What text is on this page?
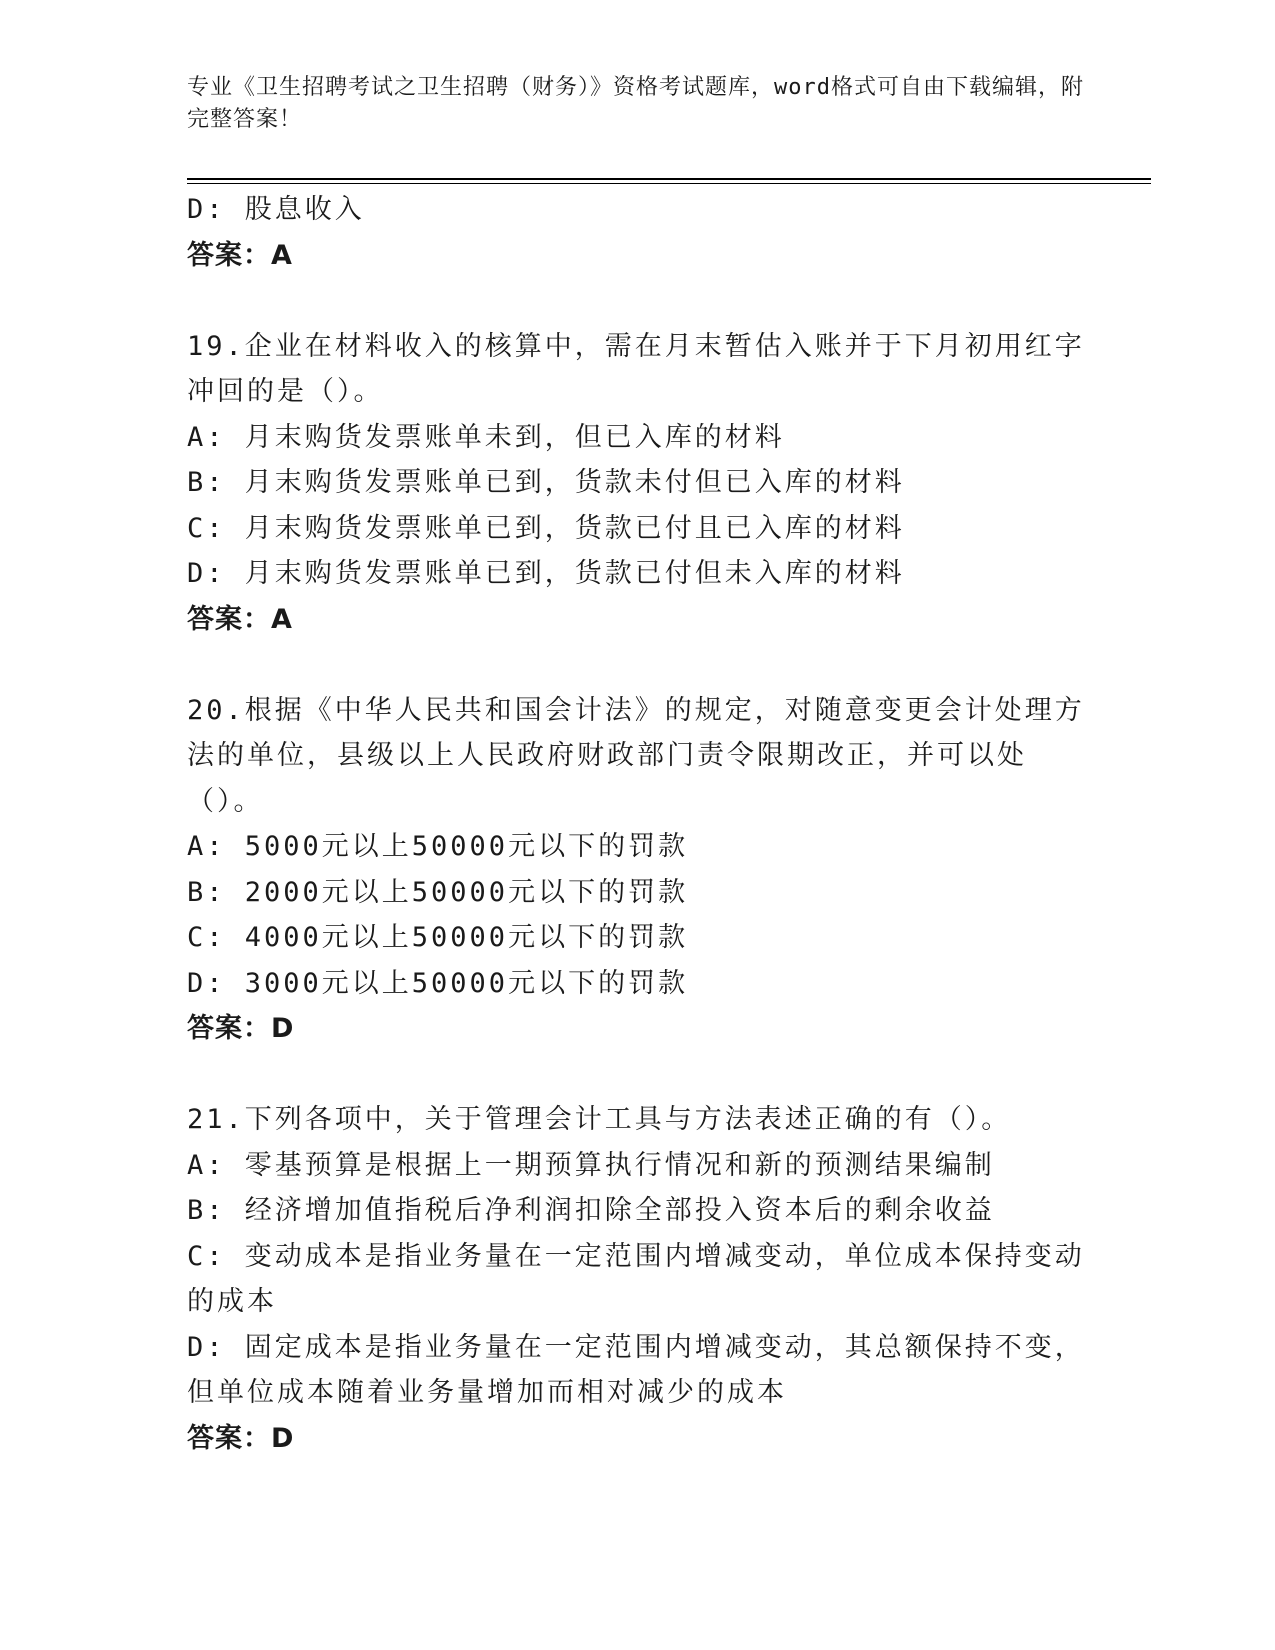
专业《卫生招聘考试之卫生招聘（财务）》资格考试题库，word格式可自由下载编辑，附完整答案！
D: 股息收入
答案：A
19.企业在材料收入的核算中，需在月末暂估入账并于下月初用红字冲回的是（）。
A: 月末购货发票账单未到，但已入库的材料
B: 月末购货发票账单已到，货款未付但已入库的材料
C: 月末购货发票账单已到，货款已付且已入库的材料
D: 月末购货发票账单已到，货款已付但未入库的材料
答案：A
20.根据《中华人民共和国会计法》的规定，对随意变更会计处理方法的单位，县级以上人民政府财政部门责令限期改正，并可以处（）。
A: 5000元以上50000元以下的罚款
B: 2000元以上50000元以下的罚款
C: 4000元以上50000元以下的罚款
D: 3000元以上50000元以下的罚款
答案：D
21.下列各项中，关于管理会计工具与方法表述正确的有（）。
A: 零基预算是根据上一期预算执行情况和新的预测结果编制
B: 经济增加值指税后净利润扣除全部投入资本后的剩余收益
C: 变动成本是指业务量在一定范围内增减变动，单位成本保持变动的成本
D: 固定成本是指业务量在一定范围内增减变动，其总额保持不变，但单位成本随着业务量增加而相对减少的成本
答案：D
